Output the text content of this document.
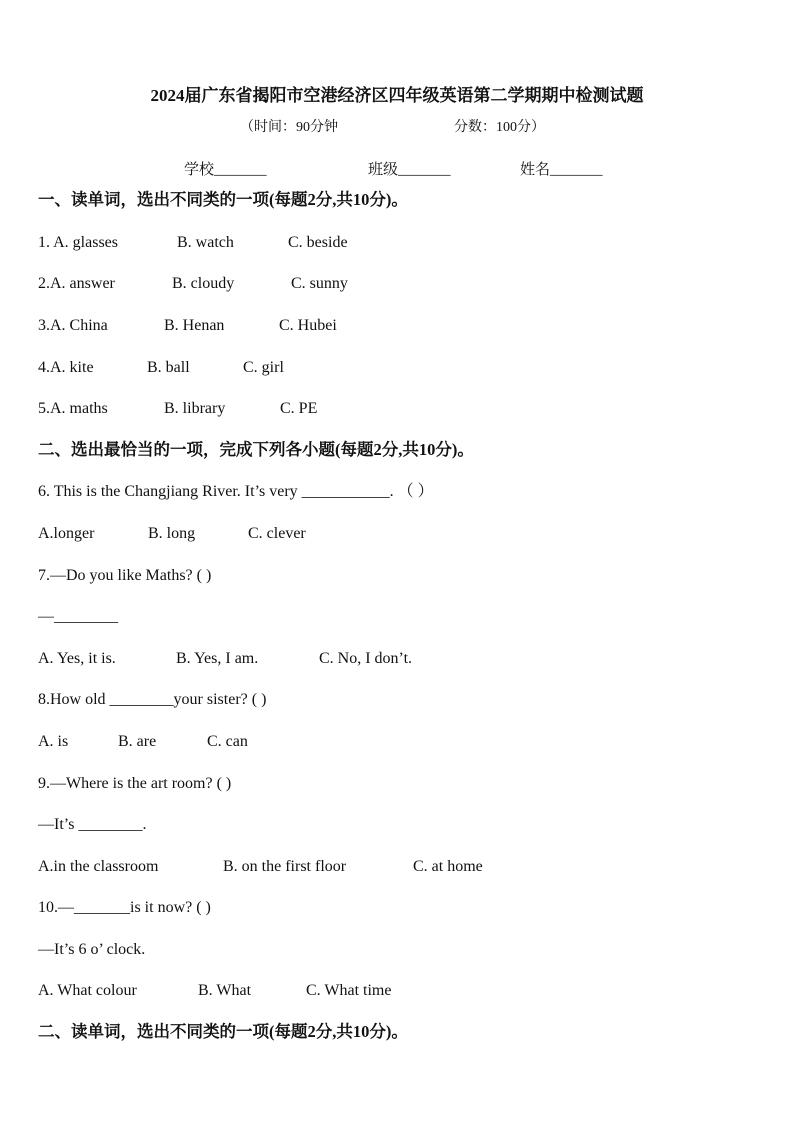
2024届广东省揭阳市空港经济区四年级英语第二学期期中检测试题
（时间：90分钟	分数：100分）
学校_______	班级_______	姓名_______
一、读单词，选出不同类的一项(每题2分,共10分)。
1. A. glasses	B. watch	C. beside
2.A. answer	B. cloudy	C. sunny
3.A. China	B. Henan	C. Hubei
4.A. kite	B. ball	C. girl
5.A. maths	B. library	C. PE
二、选出最恰当的一项，完成下列各小题(每题2分,共10分)。
6. This is the Changjiang River. It’s very ___________. （ ）
A.longer	B. long	C. clever
7.—Do you like Maths? ( )
—________
A. Yes, it is.	B. Yes, I am.	C. No, I don’t.
8.How old ________your sister? ( )
A. is	B. are	C. can
9.—Where is the art room? ( )
—It’s ________.
A.in the classroom	B. on the first floor	C. at home
10.—_______is it now? ( )
—It’s 6 o’ clock.
A. What colour	B. What	C. What time
二、读单词，选出不同类的一项(每题2分,共10分)。
